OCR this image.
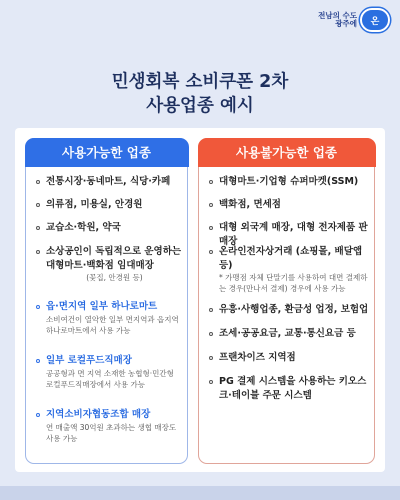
전남의 수도
광주에	온
민생회복 소비쿠폰 2차
사용업종 예시
사용가능한 업종
전통시장·동네마트, 식당·카페
의류점, 미용실, 안경원
교습소·학원, 약국
소상공인이 독립적으로 운영하는 대형마트·백화점 임대매장
(꽃집, 안경원 등)
읍·면지역 일부 하나로마트
소비여건이 열악한 일부 면지역과 읍지역 하나로마트에서 사용 가능
일부 로컬푸드직매장
공공형과 면 지역 소재한 농협형·민간형 로컬푸드직매장에서 사용 가능
지역소비자협동조합 매장
연 매출액 30억원 초과하는 생협 매장도 사용 가능
사용불가능한 업종
대형마트·기업형 슈퍼마켓(SSM)
백화점, 면세점
대형 외국계 매장, 대형 전자제품 판매장
온라인전자상거래 (쇼핑몰, 배달앱 등)
* 가맹점 자체 단말기를 사용하여 대면 결제하는 경우(만나서 결제) 경우에 사용 가능
유흥·사행업종, 환금성 업정, 보험업
조세·공공요금, 교통·통신요금 등
프랜차이즈 지역점
PG 결제 시스템을 사용하는 키오스크·테이블 주문 시스템
